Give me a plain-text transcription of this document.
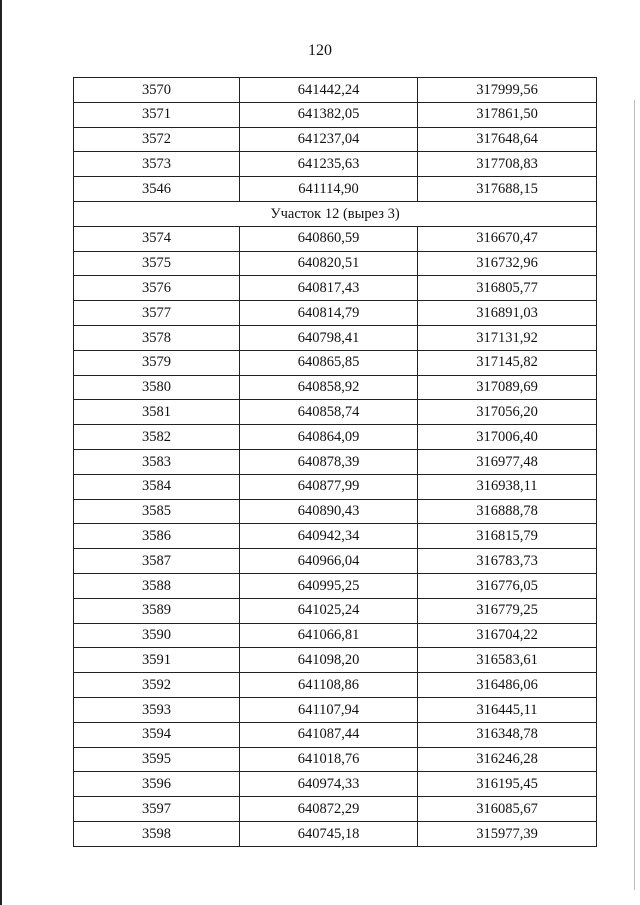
120
3570	641442,24	317999,56
3571	641382,05	317861,50
3572	641237,04	317648,64
3573	641235,63	317708,83
3546	641114,90	317688,15
Участок 12 (вырез 3)		
3574	640860,59	316670,47
3575	640820,51	316732,96
3576	640817,43	316805,77
3577	640814,79	316891,03
3578	640798,41	317131,92
3579	640865,85	317145,82
3580	640858,92	317089,69
3581	640858,74	317056,20
3582	640864,09	317006,40
3583	640878,39	316977,48
3584	640877,99	316938,11
3585	640890,43	316888,78
3586	640942,34	316815,79
3587	640966,04	316783,73
3588	640995,25	316776,05
3589	641025,24	316779,25
3590	641066,81	316704,22
3591	641098,20	316583,61
3592	641108,86	316486,06
3593	641107,94	316445,11
3594	641087,44	316348,78
3595	641018,76	316246,28
3596	640974,33	316195,45
3597	640872,29	316085,67
3598	640745,18	315977,39
